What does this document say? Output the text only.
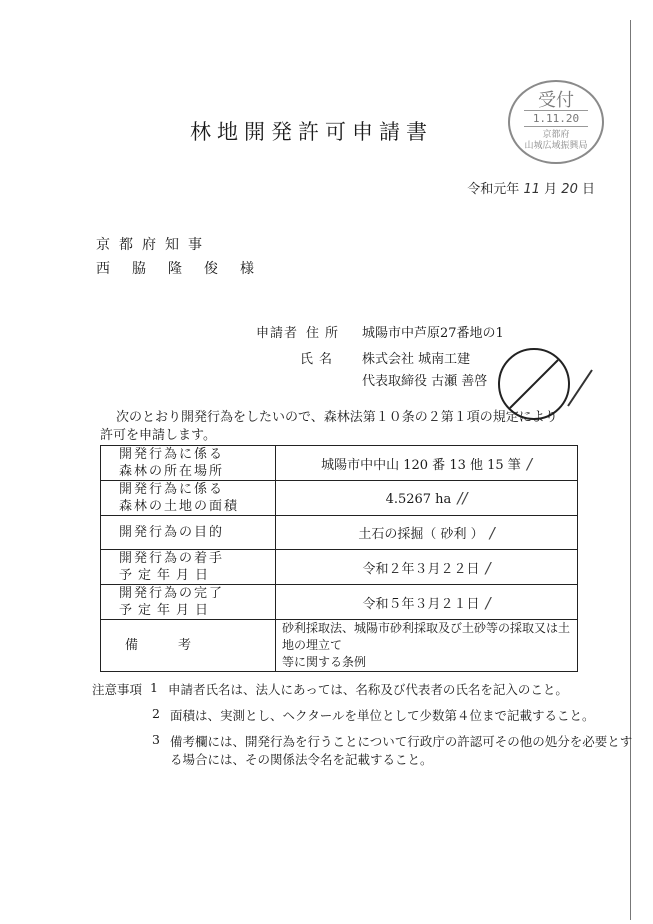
受付
1.11.20
京都府
山城広域振興局
林地開発許可申請書
令和元年 11 月 20 日
京都府知事
西脇隆俊様
申請者 住所 城陽市中芦原27番地の1
氏名 株式会社 城南工建
代表取締役 古瀬 善啓
次のとおり開発行為をしたいので、森林法第１０条の２第１項の規定により
許可を申請します。
開発行為に係る
森林の所在場所	城陽市中中山 120 番 13 他 15 筆 /

開発行為に係る
森林の土地の面積	4.5267 ha //

開発行為の目的	土石の採掘（ 砂利 ） /

開発行為の着手
予定年月日	令和２年３月２２日 /

開発行為の完了
予定年月日	令和５年３月２１日 /
備考	砂利採取法、城陽市砂利採取及び土砂等の採取又は土地の埋立て
等に関する条例
注意事項 1 申請者氏名は、法人にあっては、名称及び代表者の氏名を記入のこと。
2 面積は、実測とし、ヘクタールを単位として少数第４位まで記載すること。
3 備考欄には、開発行為を行うことについて行政庁の許認可その他の処分を必要とす
る場合には、その関係法令名を記載すること。
